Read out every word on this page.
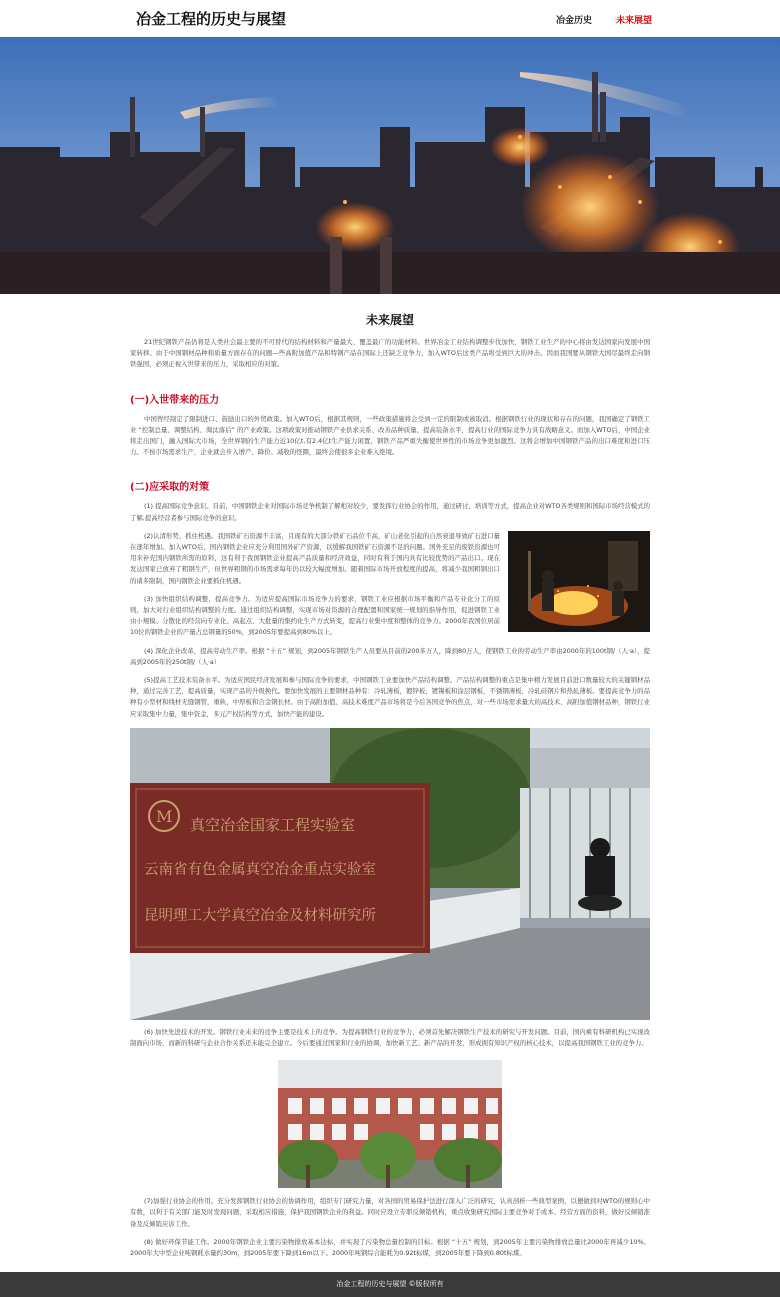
冶金工程的历史与展望	冶金历史	未来展望
未来展望

21世纪钢铁产品仍将是人类社会最主要的不可替代的结构材料和产量最大、覆盖最广的功能材料。世界冶金工业结构调整步伐加快，钢铁工业生产的中心将由发达国家向发展中国家转移。由于中国钢材品种和质量方面存在的问题—些高附加值产品和特钢产品在国际上还缺乏竞争力，加入WTO后这类产品将受到巨大的冲击。因而我国要从钢铁大国尽最终走向钢铁强国，必须正视入世带来的压力，采取相应的对策。

(一)入世带来的压力

中国曾经制定了限制进口、鼓励出口的外贸政策。加入WTO后，根据其规则，一些政策措施将会受到一定的限制或被取消。根据钢铁行业的现状和存在的问题，我国确定了钢铁工业 “控制总量、调整结构、淘汰落后” 的产业政策。这项政策对推动钢铁产业供求关系、改善品种质量、提高装备水平，提高行业的国际竞争力具有战略意义。而加入WTO后，中国企业将走出国门，融入国际大市场，全世界钢的生产能力近10亿t,有2.4亿t生产能力闲置，钢铁产品严重失衡使世界性的市场竞争更加激烈。这将会增加中国钢铁产品的出口难度和进口压力。不按市场需求生产，企业就会步入增产、降价、减收的怪圈，最终会使很多企业难入绝境。

(二)应采取的对策

(1) 提高国际竞争意识。目前，中国钢铁企业对国际市场竞争机制了解相对较少，要发挥行业协会的作用，通过研讨、培训等方式，提高企业对WTO各类规则和国际市场经营模式的了解,提高经营者参与国际竞争的意识。

(2)认清形势、抓住机遇。我国铁矿石资源不丰富，且现有的大部分铁矿石品位不高，矿山老化引起的自然衰退导致矿石进口量在逐年增加。加入WTO后，国内钢铁企业应充分利用国外矿产资源，以缓解我国铁矿石资源不足的问题。国外充足的废铁资源也可用来补充国内钢铁所需的原料，这有利于我国钢铁企业提高产品质量和经济效益，同时有利于国内具有比较优势的产品出口。现在发达国家已放弃了粗钢生产，但世界粗钢的市场需求每年仍以较大幅度增加。随着国际市场开放程度的提高，将减少我国粗钢出口的诸多限制，国内钢铁企业要抓住机遇。

(3) 加快组织结构调整，提高竞争力。为适应提高国际市场竞争力的要求，钢铁工业应根据市场平衡和产品专业化分工的原则，加大对行业组织结构调整的力度。通过组织结构调整，实现市场对资源的合理配置和国家统一规划的指导作用，促进钢铁工业由小规模、分散化的经营向专业化、高起点、大批量的集约化生产方式转变，提高行业集中度和整体的竞争力。2000年我国位居前10位的钢铁企业的产量占总钢量的50%，到2005年要提高到80%以上。

(4) 深化企业改革，提高劳动生产率。根据 “十五” 规划，到2005年钢铁生产人员要从目前的200多万人，降到80万人，使钢铁工业的劳动生产率由2000年的100t钢/（人·a），提高到2005年的250t钢/（人·a）

(5)提高工艺技术装备水平。为适应国民经济发展和参与国际竞争的要求，中国钢铁工业要加快产品结构调整。产品结构调整的重点是集中精力发展目前进口数量较大的关键钢材品种，通过完善工艺，提高质量，实现产品的升级换代。要加快发展的主要钢材品种有：冷轧薄板，镀锌板，镀锡板和涂层钢板，不锈钢薄板，冷轧硅钢片和热轧薄板。要提高竞争力的品种有小型材和线材无缝钢管，重轨，中厚板和合金钢长材。由于高附加值、高技术难度产品市场将是今后各国竞争的焦点，对一些市场需求量大的高技术、高附加值钢材品种，钢铁行业应采取集中力量，集中资金，多元产权结构等方式，加快产能的建设。

M 真空冶金国家工程实验室
云南省有色金属真空冶金重点实验室
昆明理工大学真空冶金及材料研究所

(6) 加快先进技术的开发。钢铁行业未来的竞争主要是技术上的竞争。为提高钢铁行业的竞争力，必须首先解决钢铁生产技术的研究与开发问题。目前，国内乘有科研机构已实现改制面向市场，而新的科研与企业合作关系还未能完全建立。今后要通过国家和行业的协调，加快新工艺、新产品的开发，形成拥有知识产权的核心技术，以提高我国钢铁工业的竞争力。

(7)加强行业协会的作用。充分发挥钢铁行业协会的协调作用，组织专门研究力量，对各国的贸易保护法进行深入广泛的研究，认真剖析一些典型案例，以便做到对WTO的规则心中有数，以利于有关部门能及时发现问题，采取相应措施，保护我国钢铁企业的利益。同时应设立专职反倾销机构，重点收集研究国际主要竞争对手成本、经营方面的资料，做好反倾销准备及反倾销应诉工作。

(8) 做好环保节能工作。2000年钢铁企业主要污染物排放基本达标，并实现了污染物总量控制的目标。根据 “十五” 规划，到2005年主要污染物排放总量比2000年再减少10%。2000年大中型企业吨钢耗水量约30m，到2005年要下降到16m以下。2000年吨钢综合能耗为0.92t标煤，到2005年要下降到0.80t标煤。

冶金工程的历史与展望 ©版权所有
